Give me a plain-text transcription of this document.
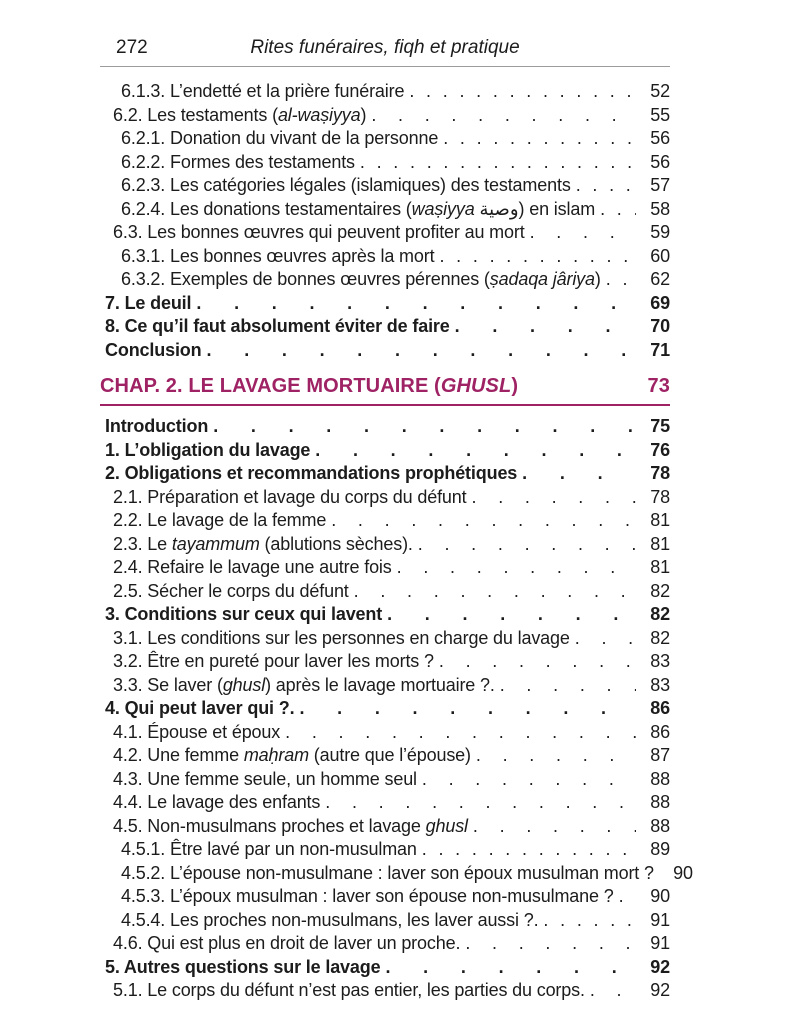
272	Rites funéraires, fiqh et pratique
6.1.3. L’endetté et la prière funéraire . . .	52
6.2. Les testaments (al-waṣiyya) . . .	55
6.2.1. Donation du vivant de la personne . . .	56
6.2.2. Formes des testaments . . .	56
6.2.3. Les catégories légales (islamiques) des testaments . . .	57
6.2.4. Les donations testamentaires (waṣiyya وصية) en islam . . .	58
6.3. Les bonnes œuvres qui peuvent profiter au mort . . .	59
6.3.1. Les bonnes œuvres après la mort . . .	60
6.3.2. Exemples de bonnes œuvres pérennes (ṣadaqa jâriya) . . .	62
7. Le deuil . . .	69
8. Ce qu’il faut absolument éviter de faire . . .	70
Conclusion . . .	71
CHAP. 2. LE LAVAGE MORTUAIRE (GHUSL)	73
Introduction . . .	75
1. L’obligation du lavage . . .	76
2. Obligations et recommandations prophétiques . . .	78
2.1. Préparation et lavage du corps du défunt . . .	78
2.2. Le lavage de la femme . . .	81
2.3. Le tayammum (ablutions sèches). . . .	81
2.4. Refaire le lavage une autre fois . . .	81
2.5. Sécher le corps du défunt . . .	82
3. Conditions sur ceux qui lavent . . .	82
3.1. Les conditions sur les personnes en charge du lavage . . .	82
3.2. Être en pureté pour laver les morts ? . . .	83
3.3. Se laver (ghusl) après le lavage mortuaire ?. . . .	83
4. Qui peut laver qui ?. . . .	86
4.1. Épouse et époux . . .	86
4.2. Une femme maḥram (autre que l’épouse) . . .	87
4.3. Une femme seule, un homme seul . . .	88
4.4. Le lavage des enfants . . .	88
4.5. Non-musulmans proches et lavage ghusl . . .	88
4.5.1. Être lavé par un non-musulman . . .	89
4.5.2. L’épouse non-musulmane : laver son époux musulman mort ? 90
4.5.3. L’époux musulman : laver son épouse non-musulmane ? . . . 90
4.5.4. Les proches non-musulmans, les laver aussi ?. . . .	91
4.6. Qui est plus en droit de laver un proche. . . .	91
5. Autres questions sur le lavage . . .	92
5.1. Le corps du défunt n’est pas entier, les parties du corps. . . .	92
